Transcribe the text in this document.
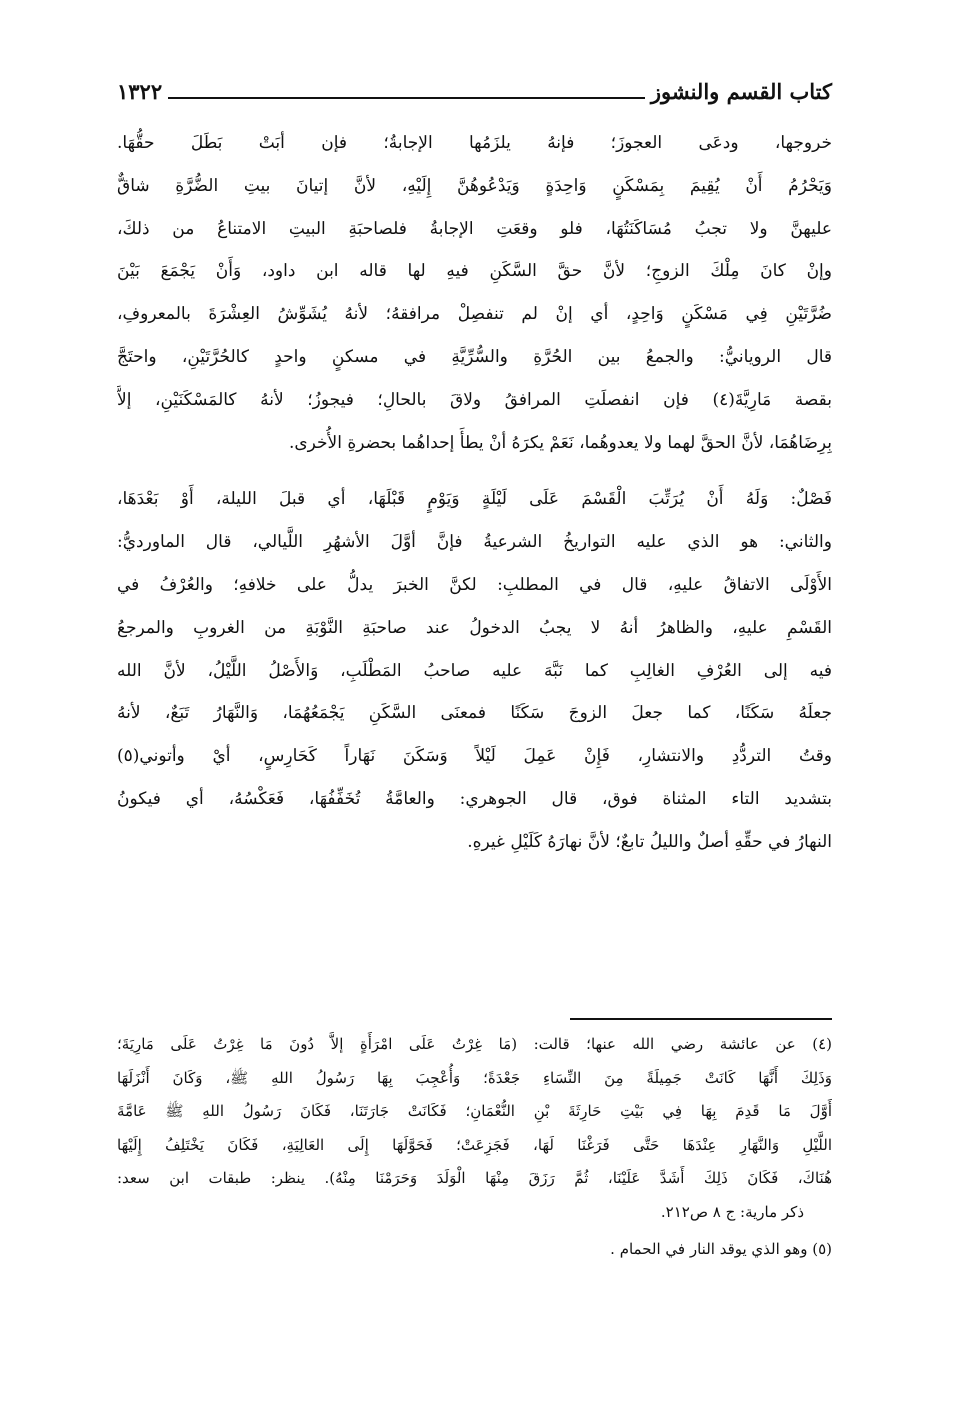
كتاب القسم والنشوز
١٣٢٢
خروجها، ودعَى العجوزَ؛ فإنهُ يلزَمُها الإجابةُ؛ فإن أبَتْ بَطَلَ حقُّهَا.
وَيَحْرُمُ أَنْ يُقِيمَ بِمَسْكَنٍ وَاحِدَةٍ وَيَدْعُوهُنَّ إِلَيْهِ، لأنَّ إتيانَ بيتِ الضُّرَّةِ شاقٌّ
عليهنَّ ولا تجبُ مُسَاكَنَتُهَا، فلو وقعَتِ الإجابةُ فلصاحبَةِ البيتِ الامتناعُ من ذلكَ،
وإنْ كانَ مِلْكَ الزوجِ؛ لأنَّ حقَّ السَّكَنِ فيهِ لها قاله ابن داود، وَأَنْ يَجْمَعَ بَيْنَ
ضُرَّتَيْنِ فِي مَسْكَنٍ وَاحِدٍ، أي إنْ لم تنفصِلْ مرافقهُ؛ لأنهُ يُشَوِّشُ العِشْرَةَ بالمعروفِ،
قال الرويانيُّ: والجمعُ بين الحُرَّةِ والسُّرِّيَّةِ في مسكنٍ واحدٍ كالحُرَّتَيْنِ، واحتَجَّ
بقصة مَارِيَّةَ(٤) فإن انفصلَتِ المرافقُ ولاقَ بالحالِ؛ فيجوزُ؛ لأنهُ كالمَسْكَنَيْنِ، إلاَّ
بِرِضَاهُمَا، لأنَّ الحقَّ لهما ولا يعدوهُما، نَعَمْ يكرَهُ أنْ يطأَ إحداهُما بحضرةِ الأُخرى.
فَصْلٌ: وَلَهُ أَنْ يُرَتِّبَ الْقَسْمَ عَلَى لَيْلَةٍ وَيَوْمٍ قَبْلَهَا، أي قبلَ الليلة، أَوْ بَعْدَهَا،
والثاني: هو الذي عليه التواريخُ الشرعيةُ فإنَّ أوَّلَ الأشهُرِ اللَّيالي، قال الماورديُّ:
الأَوْلَى الاتفاقُ عليهِ، قال في المطلبِ: لكنَّ الخبرَ يدلُّ على خلافهِ؛ والعُرْفُ في
القَسْمِ عليهِ، والظاهرُ أنهُ لا يجبُ الدخولُ عند صاحبَةِ النَّوْبَةِ من الغروبِ والمرجعُ
فيه إلى العُرْفِ الغالِبِ كما نَبَّهَ عليه صاحبُ المَطْلَبِ، وَالأَصْلُ اللَّيْلُ، لأنَّ الله
جعلَهُ سَكَنًا، كما جعلَ الزوجَ سَكَنًا فمعنَى السَّكَنِ يَجْمَعُهُمَا، وَالنَّهَارُ تَبَعٌ، لأنهُ
وقتُ التردُّدِ والانتشارِ، فَإِنْ عَمِلَ لَيْلاً وَسَكَنَ نَهَاراً كَحَارِسٍ، أيْ وأتوني(٥)
بتشديد التاء المثناة فوق، قال الجوهري: والعامَّةُ تُخَفِّفُهَا، فَعَكْسُهُ، أي فيكونُ
النهارُ في حقِّهِ أصلٌ والليلُ تابعٌ؛ لأنَّ نهارَهُ كَلَيْلِ غيرهِ.
(٤) عن عائشة رضي الله عنها؛ قالت: (مَا غِرْتُ عَلَى امْرَأَةٍ إلاَّ دُونَ مَا غِرْتُ عَلَى مَارِيَةَ؛
وَذَلِكَ أَنَّهَا كَانَتْ جَمِيلَةً مِنَ النِّسَاءِ جَعْدَةً؛ وَأُعْجِبَ بِهَا رَسُولُ اللهِ ﷺ، وَكَانَ أَنْزَلَهَا
أَوَّلَ مَا قَدِمَ بِهَا فِي بَيْتِ حَارِثَةَ بْنِ النُّعْمَانِ؛ فَكَانَتْ جَارَتَنَا، فَكَانَ رَسُولُ اللهِ ﷺ عَامَّةَ
اللَّيْلِ وَالنَّهَارِ عِنْدَهَا حَتَّى فَرَغْنَا لَهَا، فَجَزِعَتْ؛ فَحَوَّلَهَا إِلَى العَالِيَةِ، فَكَانَ يَخْتَلِفُ إِلَيْهَا
هُنَاكَ، فَكَانَ ذَلِكَ أَشَدَّ عَلَيْنَا، ثُمَّ رَزَقَ مِنْهَا الْوَلَدَ وَحَرَمْنَا مِنْهُ). ينظر: طبقات ابن سعد:
ذكر مارية: ج ٨ ص٢١٢.
(٥) وهو الذي يوقد النار في الحمام .
